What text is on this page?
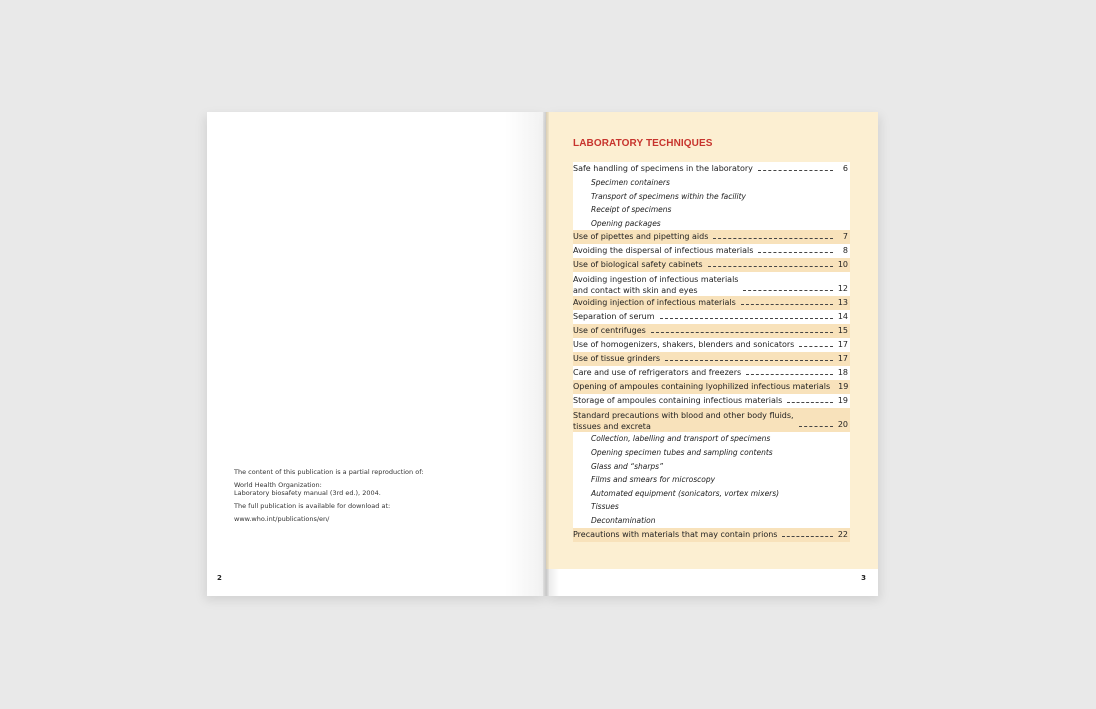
The content of this publication is a partial reproduction of:

World Health Organization:
Laboratory biosafety manual (3rd ed.), 2004.

The full publication is available for download at:

www.who.int/publications/en/

2
LABORATORY TECHNIQUES
Safe handling of specimens in the laboratory	6
Specimen containers
Transport of specimens within the facility
Receipt of specimens
Opening packages
Use of pipettes and pipetting aids	7
Avoiding the dispersal of infectious materials	8
Use of biological safety cabinets	10
Avoiding ingestion of infectious materials
and contact with skin and eyes	12
Avoiding injection of infectious materials	13
Separation of serum	14
Use of centrifuges	15
Use of homogenizers, shakers, blenders and sonicators	17
Use of tissue grinders	17
Care and use of refrigerators and freezers	18
Opening of ampoules containing lyophilized infectious materials 19
Storage of ampoules containing infectious materials	19
Standard precautions with blood and other body fluids,
tissues and excreta	20
Collection, labelling and transport of specimens
Opening specimen tubes and sampling contents
Glass and “sharps”
Films and smears for microscopy
Automated equipment (sonicators, vortex mixers)
Tissues
Decontamination
Precautions with materials that may contain prions	22
3
